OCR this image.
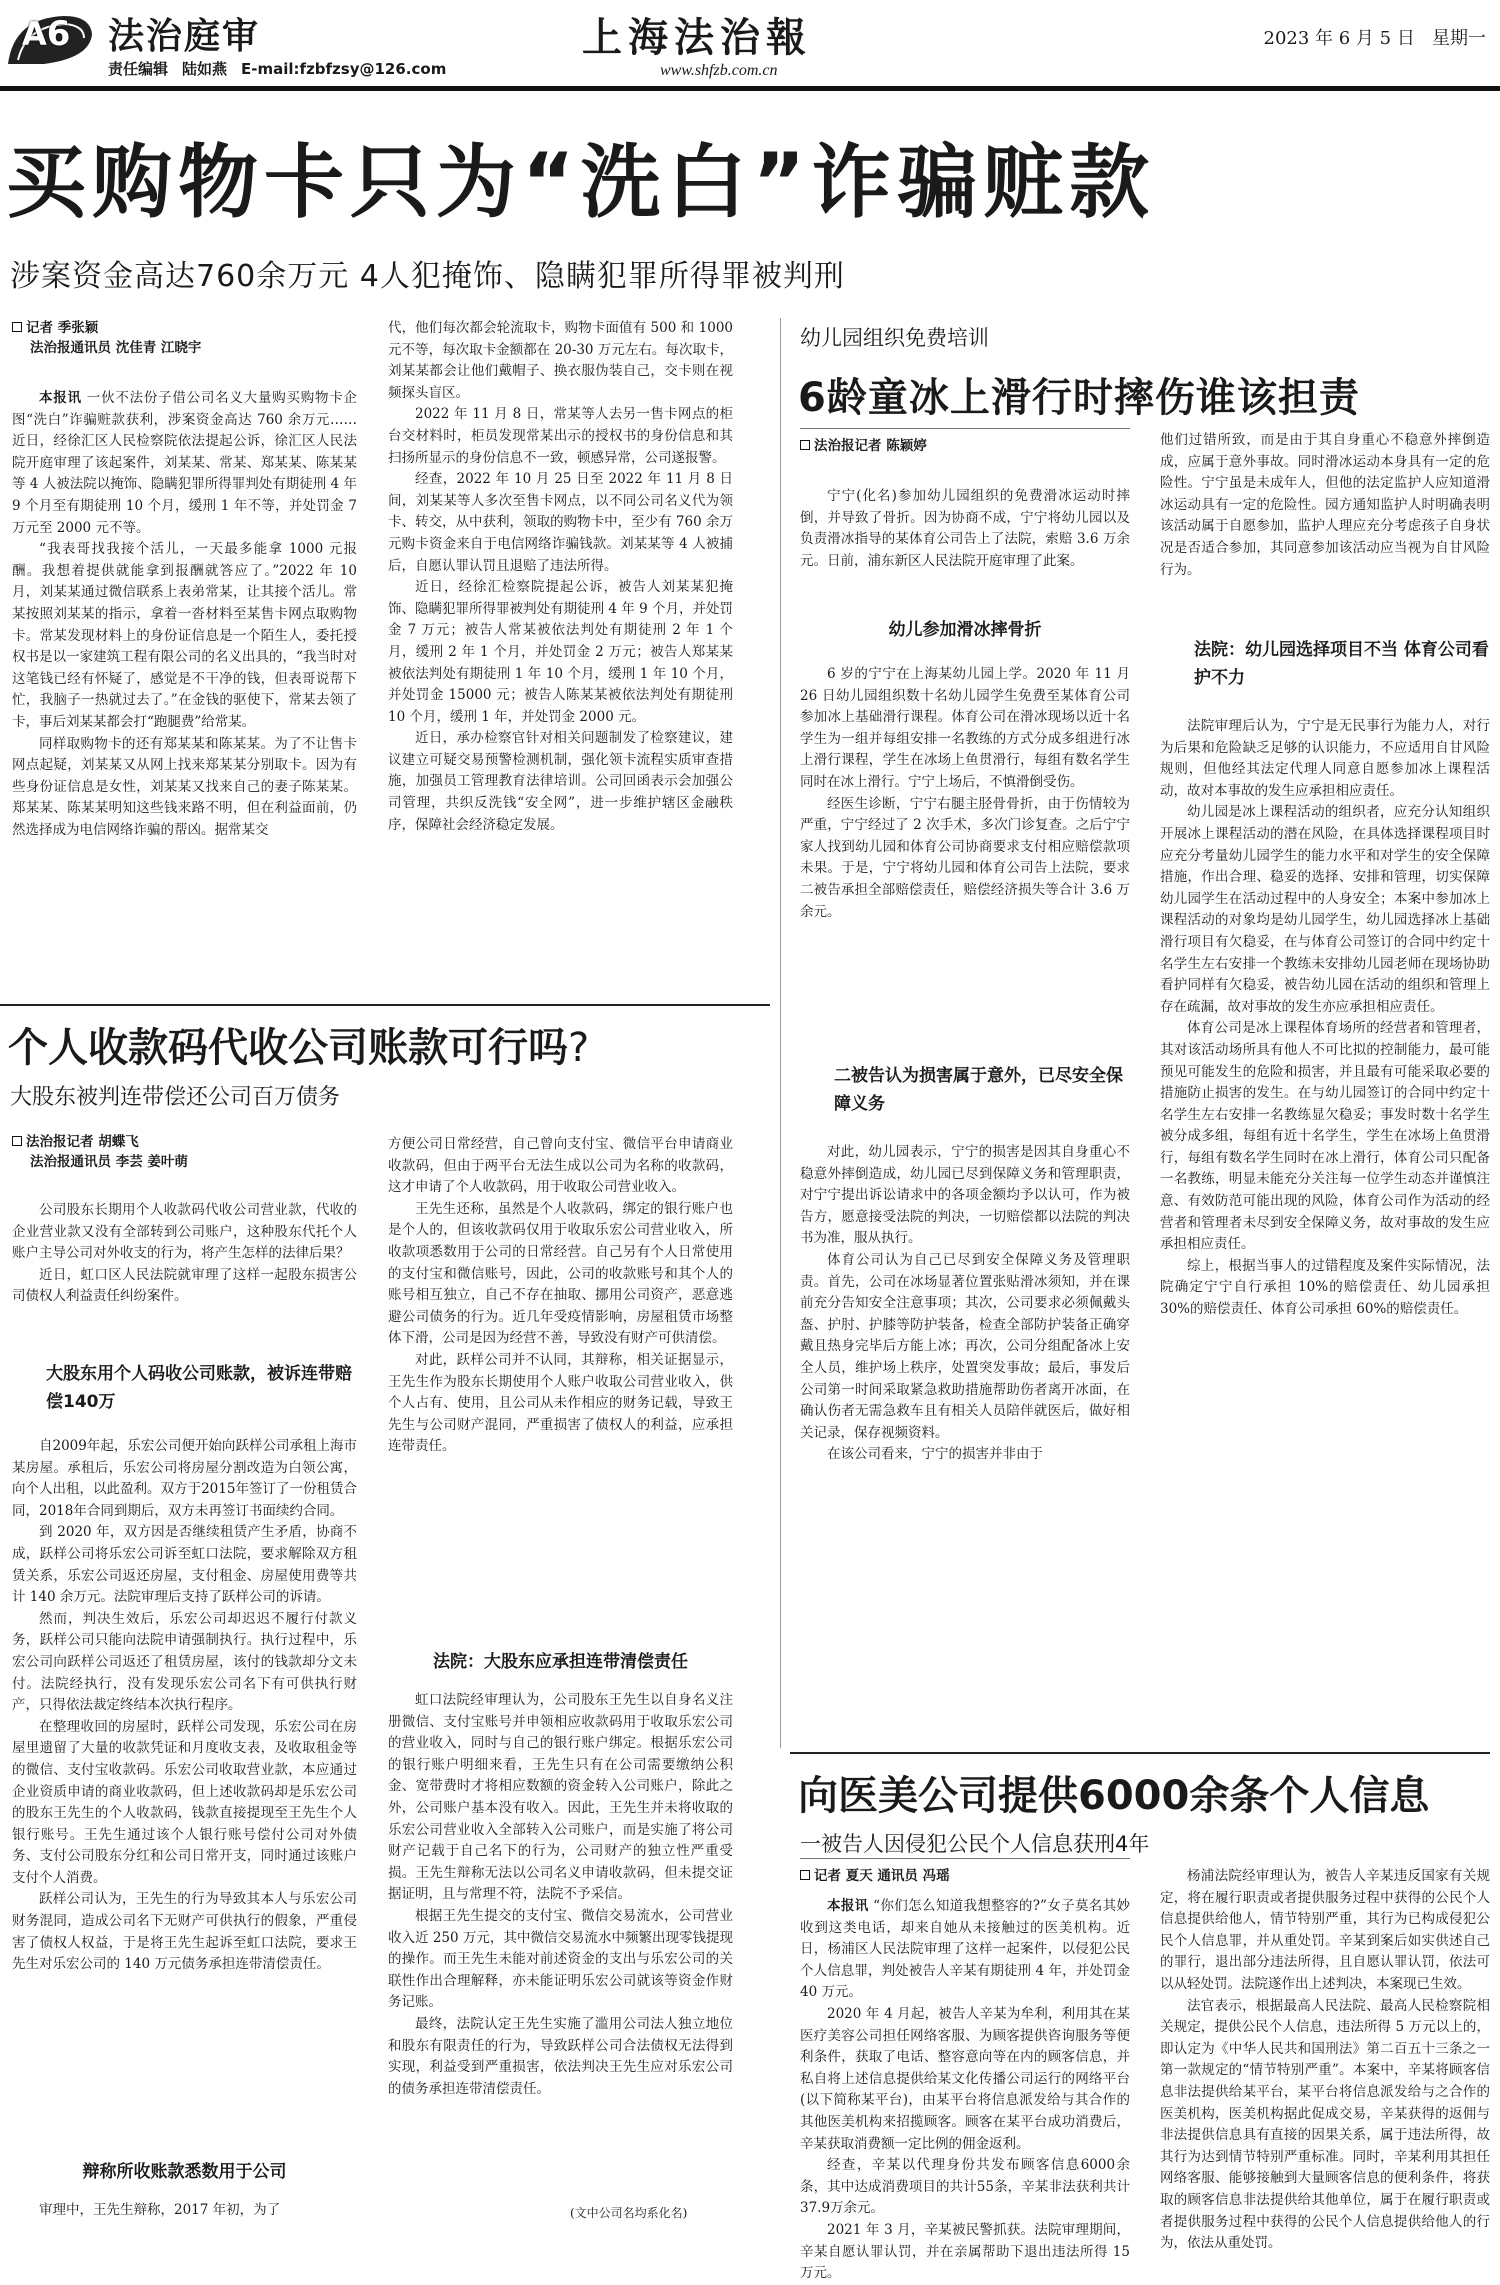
A6 法治庭审
责任编辑 陆如燕 E-mail:fzbfzsy@126.com
上海法治報
www.shfzb.com.cn
2023 年 6 月 5 日 星期一
买购物卡只为“洗白”诈骗赃款
涉案资金高达760余万元 4人犯掩饰、隐瞒犯罪所得罪被判刑
记者 季张颖
法治报通讯员 沈佳青 江晓宇

本报讯 一伙不法份子借公司名义大量购买购物卡企图“洗白”诈骗赃款获利，涉案资金高达 760 余万元……近日，经徐汇区人民检察院依法提起公诉，徐汇区人民法院开庭审理了该起案件，刘某某、常某、郑某某、陈某某等 4 人被法院以掩饰、隐瞒犯罪所得罪判处有期徒刑 4 年 9 个月至有期徒刑 10 个月，缓刑 1 年不等，并处罚金 7 万元至 2000 元不等。

“我表哥找我接个活儿，一天最多能拿 1000 元报酬。我想着提供就能拿到报酬就答应了。”2022 年 10 月，刘某某通过微信联系上表弟常某，让其接个活儿。常某按照刘某某的指示，拿着一沓材料至某售卡网点取购物卡。常某发现材料上的身份证信息是一个陌生人，委托授权书是以一家建筑工程有限公司的名义出具的，“我当时对这笔钱已经有怀疑了，感觉是不干净的钱，但表哥说帮下忙，我脑子一热就过去了。”在金钱的驱使下，常某去领了卡，事后刘某某都会打“跑腿费”给常某。

同样取购物卡的还有郑某某和陈某某。为了不让售卡网点起疑，刘某某又从网上找来郑某某分别取卡。因为有些身份证信息是女性，刘某某又找来自己的妻子陈某某。郑某某、陈某某明知这些钱来路不明，但在利益面前，仍然选择成为电信网络诈骗的帮凶。据常某交

代，他们每次都会轮流取卡，购物卡面值有 500 和 1000 元不等，每次取卡金额都在 20-30 万元左右。每次取卡，刘某某都会让他们戴帽子、换衣服伪装自己，交卡则在视频探头盲区。

2022 年 11 月 8 日，常某等人去另一售卡网点的柜台交材料时，柜员发现常某出示的授权书的身份信息和其扫扬所显示的身份信息不一致，顿感异常，公司遂报警。

经查，2022 年 10 月 25 日至 2022 年 11 月 8 日间，刘某某等人多次至售卡网点，以不同公司名义代为领卡、转交，从中获利，领取的购物卡中，至少有 760 余万元购卡资金来自于电信网络诈骗钱款。刘某某等 4 人被捕后，自愿认罪认罚且退赔了违法所得。

近日，经徐汇检察院提起公诉，被告人刘某某犯掩饰、隐瞒犯罪所得罪被判处有期徒刑 4 年 9 个月，并处罚金 7 万元；被告人常某被依法判处有期徒刑 2 年 1 个月，缓刑 2 年 1 个月，并处罚金 2 万元；被告人郑某某被依法判处有期徒刑 1 年 10 个月，缓刑 1 年 10 个月，并处罚金 15000 元；被告人陈某某被依法判处有期徒刑 10 个月，缓刑 1 年，并处罚金 2000 元。

近日，承办检察官针对相关问题制发了检察建议，建议建立可疑交易预警检测机制，强化领卡流程实质审查措施，加强员工管理教育法律培训。公司回函表示会加强公司管理，共织反洗钱“安全网”，进一步维护辖区金融秩序，保障社会经济稳定发展。

幼儿园组织免费培训
6龄童冰上滑行时摔伤谁该担责
法治报记者 陈颖婷

宁宁(化名)参加幼儿园组织的免费滑冰运动时摔倒，并导致了骨折。因为协商不成，宁宁将幼儿园以及负责滑冰指导的某体育公司告上了法院，索赔 3.6 万余元。日前，浦东新区人民法院开庭审理了此案。

幼儿参加滑冰摔骨折

6 岁的宁宁在上海某幼儿园上学。2020 年 11 月 26 日幼儿园组织数十名幼儿园学生免费至某体育公司参加冰上基础滑行课程。体育公司在滑冰现场以近十名学生为一组并每组安排一名教练的方式分成多组进行冰上滑行课程，学生在冰场上鱼贯滑行，每组有数名学生同时在冰上滑行。宁宁上场后，不慎滑倒受伤。

经医生诊断，宁宁右腿主胫骨骨折，由于伤情较为严重，宁宁经过了 2 次手术，多次门诊复查。之后宁宁家人找到幼儿园和体育公司协商要求支付相应赔偿款项未果。于是，宁宁将幼儿园和体育公司告上法院，要求二被告承担全部赔偿责任，赔偿经济损失等合计 3.6 万余元。

二被告认为损害属于意外，已尽安全保障义务

对此，幼儿园表示，宁宁的损害是因其自身重心不稳意外摔倒造成，幼儿园已尽到保障义务和管理职责，对宁宁提出诉讼请求中的各项金额均予以认可，作为被告方，愿意接受法院的判决，一切赔偿都以法院的判决书为准，服从执行。

体育公司认为自己已尽到安全保障义务及管理职责。首先，公司在冰场显著位置张贴滑冰须知，并在课前充分告知安全注意事项；其次，公司要求必须佩戴头盔、护肘、护膝等防护装备，检查全部防护装备正确穿戴且热身完毕后方能上冰；再次，公司分组配备冰上安全人员，维护场上秩序，处置突发事故；最后，事发后公司第一时间采取紧急救助措施帮助伤者离开冰面，在确认伤者无需急救车且有相关人员陪伴就医后，做好相关记录，保存视频资料。

在该公司看来，宁宁的损害并非由于

他们过错所致，而是由于其自身重心不稳意外摔倒造成，应属于意外事故。同时滑冰运动本身具有一定的危险性。宁宁虽是未成年人，但他的法定监护人应知道滑冰运动具有一定的危险性。园方通知监护人时明确表明该活动属于自愿参加，监护人理应充分考虑孩子自身状况是否适合参加，其同意参加该活动应当视为自甘风险行为。

法院：幼儿园选择项目不当 体育公司看护不力

法院审理后认为，宁宁是无民事行为能力人，对行为后果和危险缺乏足够的认识能力，不应适用自甘风险规则，但他经其法定代理人同意自愿参加冰上课程活动，故对本事故的发生应承担相应责任。

幼儿园是冰上课程活动的组织者，应充分认知组织开展冰上课程活动的潜在风险，在具体选择课程项目时应充分考量幼儿园学生的能力水平和对学生的安全保障措施，作出合理、稳妥的选择、安排和管理，切实保障幼儿园学生在活动过程中的人身安全；本案中参加冰上课程活动的对象均是幼儿园学生，幼儿园选择冰上基础滑行项目有欠稳妥，在与体育公司签订的合同中约定十名学生左右安排一个教练未安排幼儿园老师在现场协助看护同样有欠稳妥，被告幼儿园在活动的组织和管理上存在疏漏，故对事故的发生亦应承担相应责任。

体育公司是冰上课程体育场所的经营者和管理者，其对该活动场所具有他人不可比拟的控制能力，最可能预见可能发生的危险和损害，并且最有可能采取必要的措施防止损害的发生。在与幼儿园签订的合同中约定十名学生左右安排一名教练显欠稳妥；事发时数十名学生被分成多组，每组有近十名学生，学生在冰场上鱼贯滑行，每组有数名学生同时在冰上滑行，体育公司只配备一名教练，明显未能充分关注每一位学生动态并谨慎注意、有效防范可能出现的风险，体育公司作为活动的经营者和管理者未尽到安全保障义务，故对事故的发生应承担相应责任。

综上，根据当事人的过错程度及案件实际情况，法院确定宁宁自行承担 10%的赔偿责任、幼儿园承担 30%的赔偿责任、体育公司承担 60%的赔偿责任。

个人收款码代收公司账款可行吗?
大股东被判连带偿还公司百万债务
法治报记者 胡蝶飞
法治报通讯员 李芸 姜叶萌

公司股东长期用个人收款码代收公司营业款，代收的企业营业款又没有全部转到公司账户，这种股东代托个人账户主导公司对外收支的行为，将产生怎样的法律后果？

近日，虹口区人民法院就审理了这样一起股东损害公司债权人利益责任纠纷案件。

大股东用个人码收公司账款，被诉连带赔偿140万

自2009年起，乐宏公司便开始向跃样公司承租上海市某房屋。承租后，乐宏公司将房屋分割改造为白领公寓，向个人出租，以此盈利。双方于2015年签订了一份租赁合同，2018年合同到期后，双方未再签订书面续约合同。

到 2020 年，双方因是否继续租赁产生矛盾，协商不成，跃样公司将乐宏公司诉至虹口法院，要求解除双方租赁关系，乐宏公司返还房屋，支付租金、房屋使用费等共计 140 余万元。法院审理后支持了跃样公司的诉请。

然而，判决生效后，乐宏公司却迟迟不履行付款义务，跃样公司只能向法院申请强制执行。执行过程中，乐宏公司向跃样公司返还了租赁房屋，该付的钱款却分文未付。法院经执行，没有发现乐宏公司名下有可供执行财产，只得依法裁定终结本次执行程序。

在整理收回的房屋时，跃样公司发现，乐宏公司在房屋里遗留了大量的收款凭证和月度收支表，及收取租金等的微信、支付宝收款码。乐宏公司收取营业款，本应通过企业资质申请的商业收款码，但上述收款码却是乐宏公司的股东王先生的个人收款码，钱款直接提现至王先生个人银行账号。王先生通过该个人银行账号偿付公司对外债务、支付公司股东分红和公司日常开支，同时通过该账户支付个人消费。

跃样公司认为，王先生的行为导致其本人与乐宏公司财务混同，造成公司名下无财产可供执行的假象，严重侵害了债权人权益，于是将王先生起诉至虹口法院，要求王先生对乐宏公司的 140 万元债务承担连带清偿责任。

辩称所收账款悉数用于公司

审理中，王先生辩称，2017 年初，为了

方便公司日常经营，自己曾向支付宝、微信平台申请商业收款码，但由于两平台无法生成以公司为名称的收款码，这才申请了个人收款码，用于收取公司营业收入。

王先生还称，虽然是个人收款码，绑定的银行账户也是个人的，但该收款码仅用于收取乐宏公司营业收入，所收款项悉数用于公司的日常经营。自己另有个人日常使用的支付宝和微信账号，因此，公司的收款账号和其个人的账号相互独立，自己不存在抽取、挪用公司资产，恶意逃避公司债务的行为。近几年受疫情影响，房屋租赁市场整体下滑，公司是因为经营不善，导致没有财产可供清偿。

对此，跃样公司并不认同，其辩称，相关证据显示，王先生作为股东长期使用个人账户收取公司营业收入，供个人占有、使用，且公司从未作相应的财务记载，导致王先生与公司财产混同，严重损害了债权人的利益，应承担连带责任。

法院：大股东应承担连带清偿责任

虹口法院经审理认为，公司股东王先生以自身名义注册微信、支付宝账号并申领相应收款码用于收取乐宏公司的营业收入，同时与自己的银行账户绑定。根据乐宏公司的银行账户明细来看，王先生只有在公司需要缴纳公积金、宽带费时才将相应数额的资金转入公司账户，除此之外，公司账户基本没有收入。因此，王先生并未将收取的乐宏公司营业收入全部转入公司账户，而是实施了将公司财产记载于自己名下的行为，公司财产的独立性严重受损。王先生辩称无法以公司名义申请收款码，但未提交证据证明，且与常理不符，法院不予采信。

根据王先生提交的支付宝、微信交易流水，公司营业收入近 250 万元，其中微信交易流水中频繁出现零钱提现的操作。而王先生未能对前述资金的支出与乐宏公司的关联性作出合理解释，亦未能证明乐宏公司就该等资金作财务记账。

最终，法院认定王先生实施了滥用公司法人独立地位和股东有限责任的行为，导致跃样公司合法债权无法得到实现，利益受到严重损害，依法判决王先生应对乐宏公司的债务承担连带清偿责任。

(文中公司名均系化名)
向医美公司提供6000余条个人信息
一被告人因侵犯公民个人信息获刑4年
记者 夏天 通讯员 冯瑶

本报讯 “你们怎么知道我想整容的?”女子莫名其妙收到这类电话，却来自她从未接触过的医美机构。近日，杨浦区人民法院审理了这样一起案件，以侵犯公民个人信息罪，判处被告人辛某有期徒刑 4 年，并处罚金 40 万元。

2020 年 4 月起，被告人辛某为牟利，利用其在某医疗美容公司担任网络客服、为顾客提供咨询服务等便利条件，获取了电话、整容意向等在内的顾客信息，并私自将上述信息提供给某文化传播公司运行的网络平台(以下简称某平台)，由某平台将信息派发给与其合作的其他医美机构来招揽顾客。顾客在某平台成功消费后，辛某获取消费额一定比例的佣金返利。

经查，辛某以代理身份共发布顾客信息6000余条，其中达成消费项目的共计55条，辛某非法获利共计37.9万余元。

2021 年 3 月，辛某被民警抓获。法院审理期间，辛某自愿认罪认罚，并在亲属帮助下退出违法所得 15 万元。

杨浦法院经审理认为，被告人辛某违反国家有关规定，将在履行职责或者提供服务过程中获得的公民个人信息提供给他人，情节特别严重，其行为已构成侵犯公民个人信息罪，并从重处罚。辛某到案后如实供述自己的罪行，退出部分违法所得，且自愿认罪认罚，依法可以从轻处罚。法院遂作出上述判决，本案现已生效。

法官表示，根据最高人民法院、最高人民检察院相关规定，提供公民个人信息，违法所得 5 万元以上的，即认定为《中华人民共和国刑法》第二百五十三条之一第一款规定的“情节特别严重”。本案中，辛某将顾客信息非法提供给某平台，某平台将信息派发给与之合作的医美机构，医美机构据此促成交易，辛某获得的返佣与非法提供信息具有直接的因果关系，属于违法所得，故其行为达到情节特别严重标准。同时，辛某利用其担任网络客服、能够接触到大量顾客信息的便利条件，将获取的顾客信息非法提供给其他单位，属于在履行职责或者提供服务过程中获得的公民个人信息提供给他人的行为，依法从重处罚。
